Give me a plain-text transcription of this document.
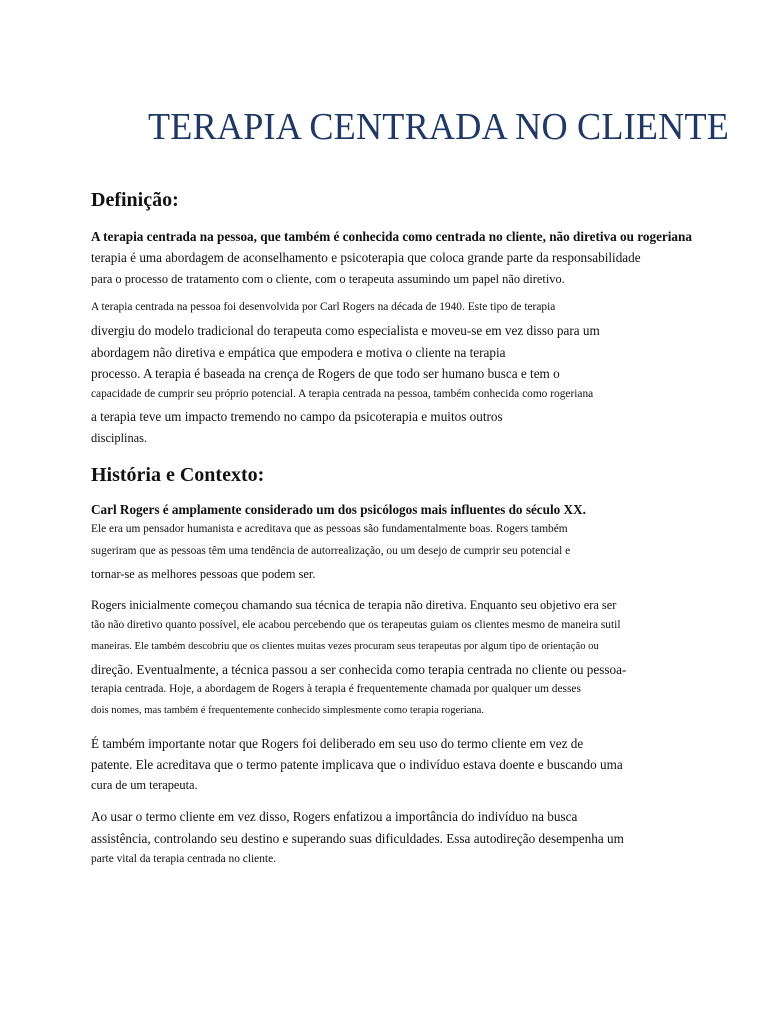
TERAPIA CENTRADA NO CLIENTE
Definição:

A terapia centrada na pessoa, que também é conhecida como centrada no cliente, não diretiva ou rogeriana

terapia é uma abordagem de aconselhamento e psicoterapia que coloca grande parte da responsabilidade

para o processo de tratamento com o cliente, com o terapeuta assumindo um papel não diretivo.

A terapia centrada na pessoa foi desenvolvida por Carl Rogers na década de 1940. Este tipo de terapia

divergiu do modelo tradicional do terapeuta como especialista e moveu-se em vez disso para um

abordagem não diretiva e empática que empodera e motiva o cliente na terapia

processo. A terapia é baseada na crença de Rogers de que todo ser humano busca e tem o

capacidade de cumprir seu próprio potencial. A terapia centrada na pessoa, também conhecida como rogeriana

a terapia teve um impacto tremendo no campo da psicoterapia e muitos outros

disciplinas.

História e Contexto:

Carl Rogers é amplamente considerado um dos psicólogos mais influentes do século XX.

Ele era um pensador humanista e acreditava que as pessoas são fundamentalmente boas. Rogers também

sugeriram que as pessoas têm uma tendência de autorrealização, ou um desejo de cumprir seu potencial e

tornar-se as melhores pessoas que podem ser.

Rogers inicialmente começou chamando sua técnica de terapia não diretiva. Enquanto seu objetivo era ser

tão não diretivo quanto possível, ele acabou percebendo que os terapeutas guiam os clientes mesmo de maneira sutil

maneiras. Ele também descobriu que os clientes muitas vezes procuram seus terapeutas por algum tipo de orientação ou

direção. Eventualmente, a técnica passou a ser conhecida como terapia centrada no cliente ou pessoa-

terapia centrada. Hoje, a abordagem de Rogers à terapia é frequentemente chamada por qualquer um desses

dois nomes, mas também é frequentemente conhecido simplesmente como terapia rogeriana.

É também importante notar que Rogers foi deliberado em seu uso do termo cliente em vez de

patente. Ele acreditava que o termo patente implicava que o indivíduo estava doente e buscando uma

cura de um terapeuta.

Ao usar o termo cliente em vez disso, Rogers enfatizou a importância do indivíduo na busca

assistência, controlando seu destino e superando suas dificuldades. Essa autodireção desempenha um

parte vital da terapia centrada no cliente.
